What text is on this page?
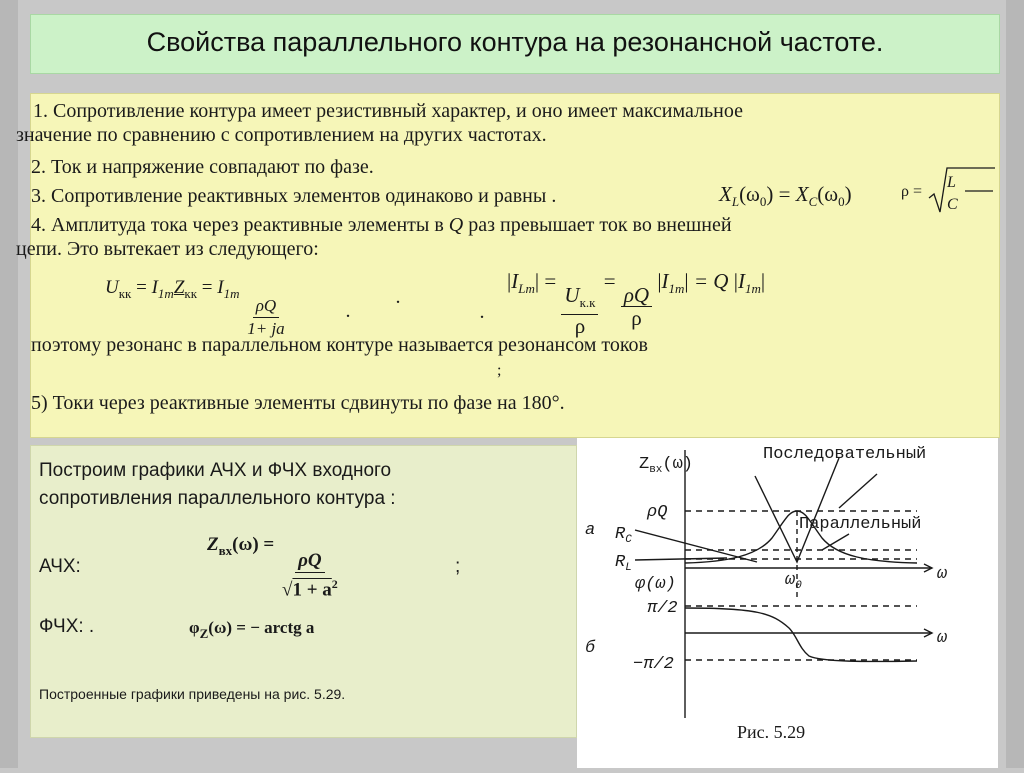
Свойства параллельного контура на резонансной частоте.
1. Сопротивление контура имеет резистивный характер, и оно имеет максимальное
значение по сравнению с сопротивлением на других частотах.
2. Ток и напряжение совпадают по фазе.
3. Сопротивление реактивных элементов одинаково и равны .	$X_L(\omega_0) = X_C(\omega_0)$	ρ =
L
C
4. Амплитуда тока через реактивные элементы в Q раз превышает ток во внешней
цепи. Это вытекает из следующего:
$U_{кк} = I_{1m}Z_{кк} = I_{1m}$
$\frac{\rho Q}{1+ ja}$	.
.
.
$|I_{Lm}|$ =
$\frac{U_{к.к}}{\rho}$
=
$\frac{\rho Q}{\rho}$
$|I_{1m}| = Q$ $|I_{1m}|$
поэтому резонанс в параллельном контуре называется резонансом токов
;
5) Токи через реактивные элементы сдвинуты по фазе на 180°.
Построим графики АЧХ и ФЧХ входного
сопротивления параллельного контура :
АЧХ:
$Z_{вх}(\omega)$ =
$\frac{\rho Q}{√1 + a^2}$	;
ФЧХ: .	$\varphi_Z(\omega)$ = − arctg a
Построенные графики приведены на рис. 5.29.
$Z_{вх}(\omega)$
Последовательный
Параллельный
ρQ
$R_C$
$R_L$
φ(ω)	$\omega_0$
ω
ω
π/2
−π/2
а
б
Рис. 5.29
